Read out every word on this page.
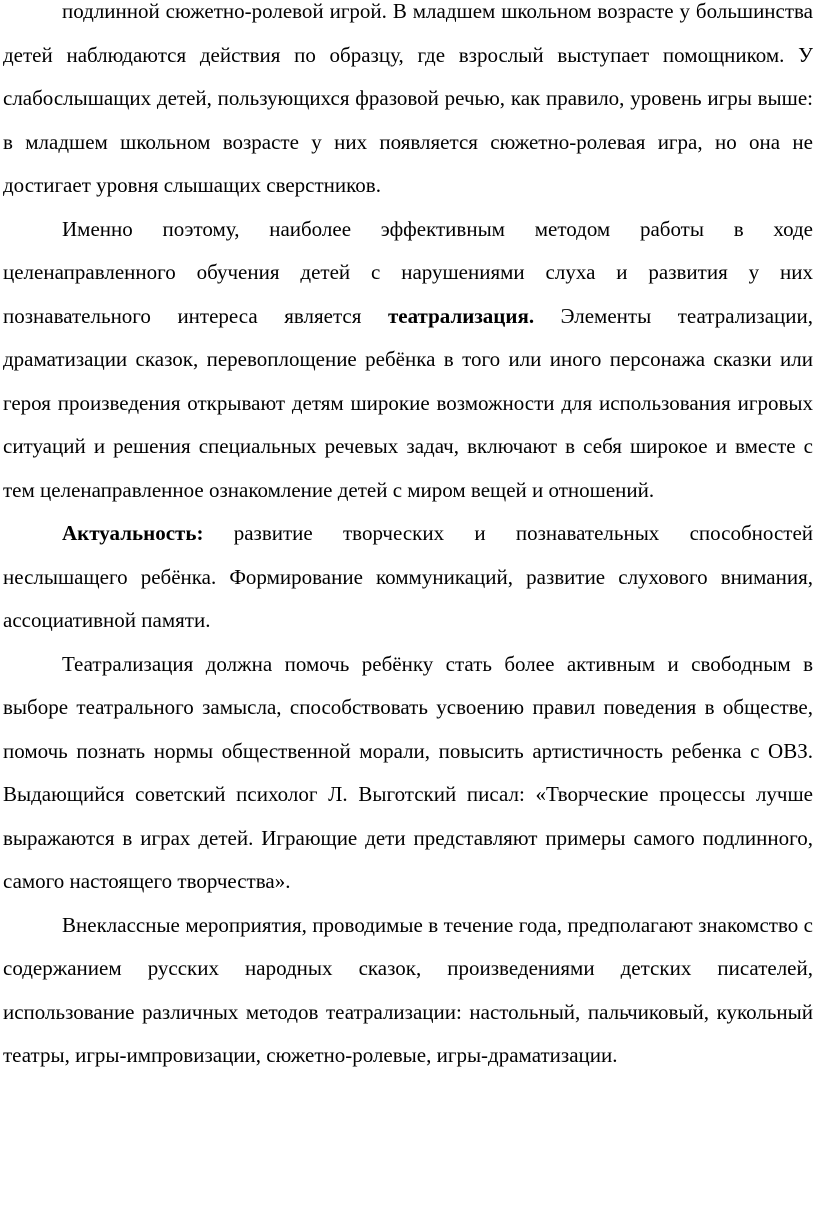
подлинной сюжетно-ролевой игрой. В младшем школьном возрасте у большинства детей наблюдаются действия по образцу, где взрослый выступает помощником. У слабослышащих детей, пользующихся фразовой речью, как правило, уровень игры выше: в младшем школьном возрасте у них появляется сюжетно-ролевая игра, но она не достигает уровня слышащих сверстников.

Именно поэтому, наиболее эффективным методом работы в ходе целенаправленного обучения детей с нарушениями слуха и развития у них познавательного интереса является театрализация. Элементы театрализации, драматизации сказок, перевоплощение ребёнка в того или иного персонажа сказки или героя произведения открывают детям широкие возможности для использования игровых ситуаций и решения специальных речевых задач, включают в себя широкое и вместе с тем целенаправленное ознакомление детей с миром вещей и отношений.

Актуальность: развитие творческих и познавательных способностей неслышащего ребёнка. Формирование коммуникаций, развитие слухового внимания, ассоциативной памяти.

Театрализация должна помочь ребёнку стать более активным и свободным в выборе театрального замысла, способствовать усвоению правил поведения в обществе, помочь познать нормы общественной морали, повысить артистичность ребенка с ОВЗ. Выдающийся советский психолог Л. Выготский писал: «Творческие процессы лучше выражаются в играх детей. Играющие дети представляют примеры самого подлинного, самого настоящего творчества».

Внеклассные мероприятия, проводимые в течение года, предполагают знакомство с содержанием русских народных сказок, произведениями детских писателей, использование различных методов театрализации: настольный, пальчиковый, кукольный театры, игры-импровизации, сюжетно-ролевые, игры-драматизации.
